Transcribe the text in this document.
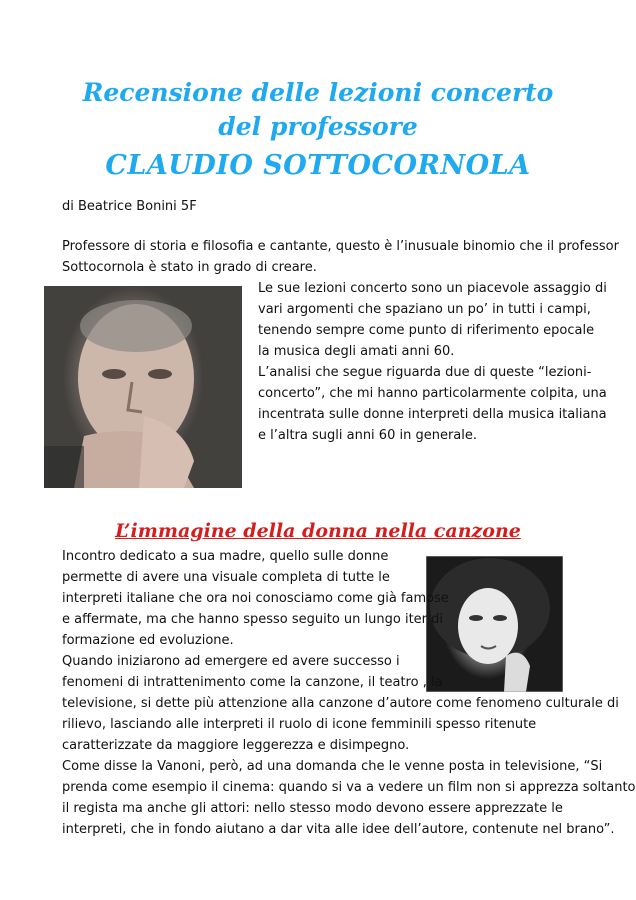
Recensione delle lezioni concerto
del professore
CLAUDIO SOTTOCORNOLA

di Beatrice Bonini 5F

Professore di storia e filosofia e cantante, questo è l’inusuale binomio che il professor

Sottocornola è stato in grado di creare.

Le sue lezioni concerto sono un piacevole assaggio di

vari argomenti che spaziano un po’ in tutti i campi,

tenendo sempre come punto di riferimento epocale

la musica degli amati anni 60.

L’analisi che segue riguarda due di queste “lezioni-

concerto”, che mi hanno particolarmente colpita, una

incentrata sulle donne interpreti della musica italiana

e l’altra sugli anni 60 in generale.

L’immagine della donna nella canzone

Incontro dedicato a sua madre, quello sulle donne

permette di avere una visuale completa di tutte le

interpreti italiane che ora noi conosciamo come già famose

e affermate, ma che hanno spesso seguito un lungo iter di

formazione ed evoluzione.

Quando iniziarono ad emergere ed avere successo i

fenomeni di intrattenimento come la canzone, il teatro , la

televisione, si dette più attenzione alla canzone d’autore come fenomeno culturale di

rilievo, lasciando alle interpreti il ruolo di icone femminili spesso ritenute

caratterizzate da maggiore leggerezza e disimpegno.

Come disse la Vanoni, però, ad una domanda che le venne posta in televisione, “Si

prenda come esempio il cinema: quando si va a vedere un film non si apprezza soltanto

il regista ma anche gli attori: nello stesso modo devono essere apprezzate le

interpreti, che in fondo aiutano a dar vita alle idee dell’autore, contenute nel brano”.
